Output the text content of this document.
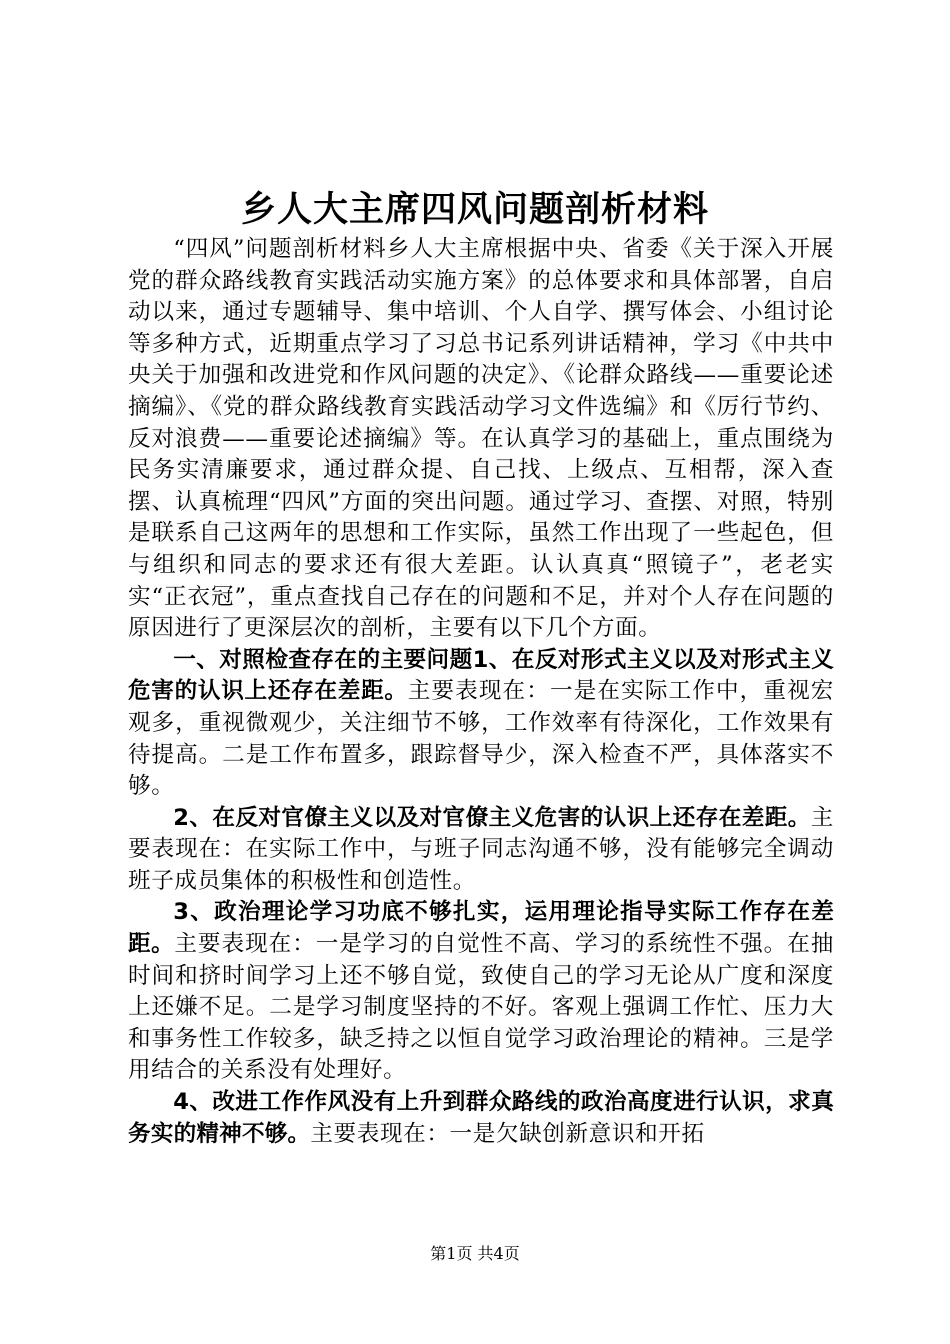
乡人大主席四风问题剖析材料

“四风”问题剖析材料乡人大主席根据中央、省委《关于深入开展党的群众路线教育实践活动实施方案》的总体要求和具体部署，自启动以来，通过专题辅导、集中培训、个人自学、撰写体会、小组讨论等多种方式，近期重点学习了习总书记系列讲话精神，学习《中共中央关于加强和改进党和作风问题的决定》、《论群众路线——重要论述摘编》、《党的群众路线教育实践活动学习文件选编》和《厉行节约、反对浪费——重要论述摘编》等。在认真学习的基础上，重点围绕为民务实清廉要求，通过群众提、自己找、上级点、互相帮，深入查摆、认真梳理“四风”方面的突出问题。通过学习、查摆、对照，特别是联系自己这两年的思想和工作实际，虽然工作出现了一些起色，但与组织和同志的要求还有很大差距。认认真真“照镜子”，老老实实“正衣冠”，重点查找自己存在的问题和不足，并对个人存在问题的原因进行了更深层次的剖析，主要有以下几个方面。

一、对照检查存在的主要问题1、在反对形式主义以及对形式主义危害的认识上还存在差距。主要表现在：一是在实际工作中，重视宏观多，重视微观少，关注细节不够，工作效率有待深化，工作效果有待提高。二是工作布置多，跟踪督导少，深入检查不严，具体落实不够。

2、在反对官僚主义以及对官僚主义危害的认识上还存在差距。主要表现在：在实际工作中，与班子同志沟通不够，没有能够完全调动班子成员集体的积极性和创造性。

3、政治理论学习功底不够扎实，运用理论指导实际工作存在差距。主要表现在：一是学习的自觉性不高、学习的系统性不强。在抽时间和挤时间学习上还不够自觉，致使自己的学习无论从广度和深度上还嫌不足。二是学习制度坚持的不好。客观上强调工作忙、压力大和事务性工作较多，缺乏持之以恒自觉学习政治理论的精神。三是学用结合的关系没有处理好。

4、改进工作作风没有上升到群众路线的政治高度进行认识，求真务实的精神不够。主要表现在：一是欠缺创新意识和开拓

第1页 共4页
